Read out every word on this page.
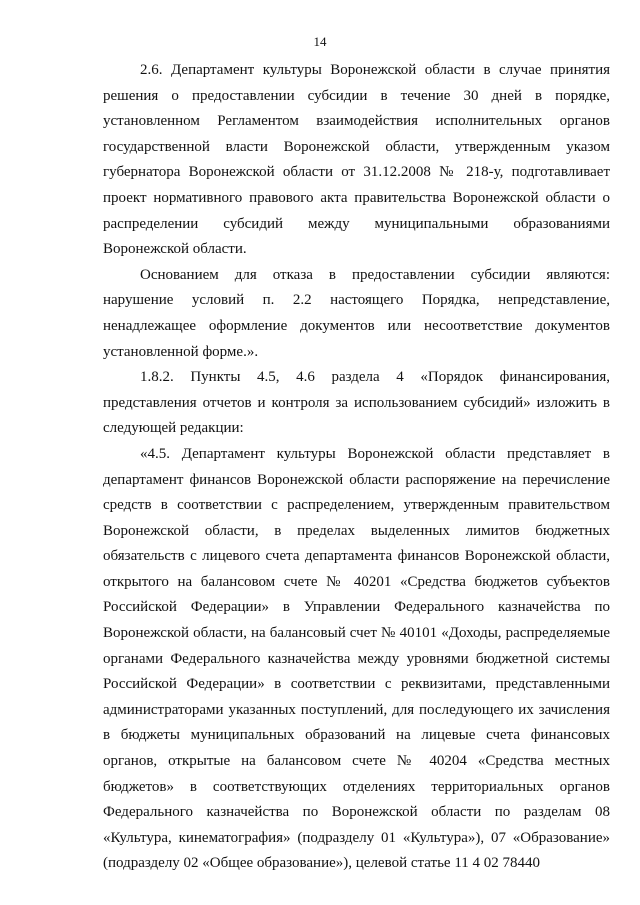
14

2.6. Департамент культуры Воронежской области в случае принятия решения о предоставлении субсидии в течение 30 дней в порядке, установленном Регламентом взаимодействия исполнительных органов государственной власти Воронежской области, утвержденным указом губернатора Воронежской области от 31.12.2008 № 218-у, подготавливает проект нормативного правового акта правительства Воронежской области о распределении субсидий между муниципальными образованиями Воронежской области.

Основанием для отказа в предоставлении субсидии являются: нарушение условий п. 2.2 настоящего Порядка, непредставление, ненадлежащее оформление документов или несоответствие документов установленной форме.».

1.8.2. Пункты 4.5, 4.6 раздела 4 «Порядок финансирования, представления отчетов и контроля за использованием субсидий» изложить в следующей редакции:

«4.5. Департамент культуры Воронежской области представляет в департамент финансов Воронежской области распоряжение на перечисление средств в соответствии с распределением, утвержденным правительством Воронежской области, в пределах выделенных лимитов бюджетных обязательств с лицевого счета департамента финансов Воронежской области, открытого на балансовом счете № 40201 «Средства бюджетов субъектов Российской Федерации» в Управлении Федерального казначейства по Воронежской области, на балансовый счет № 40101 «Доходы, распределяемые органами Федерального казначейства между уровнями бюджетной системы Российской Федерации» в соответствии с реквизитами, представленными администраторами указанных поступлений, для последующего их зачисления в бюджеты муниципальных образований на лицевые счета финансовых органов, открытые на балансовом счете № 40204 «Средства местных бюджетов» в соответствующих отделениях территориальных органов Федерального казначейства по Воронежской области по разделам 08 «Культура, кинематография» (подразделу 01 «Культура»), 07 «Образование» (подразделу 02 «Общее образование»), целевой статье 11 4 02 78440
